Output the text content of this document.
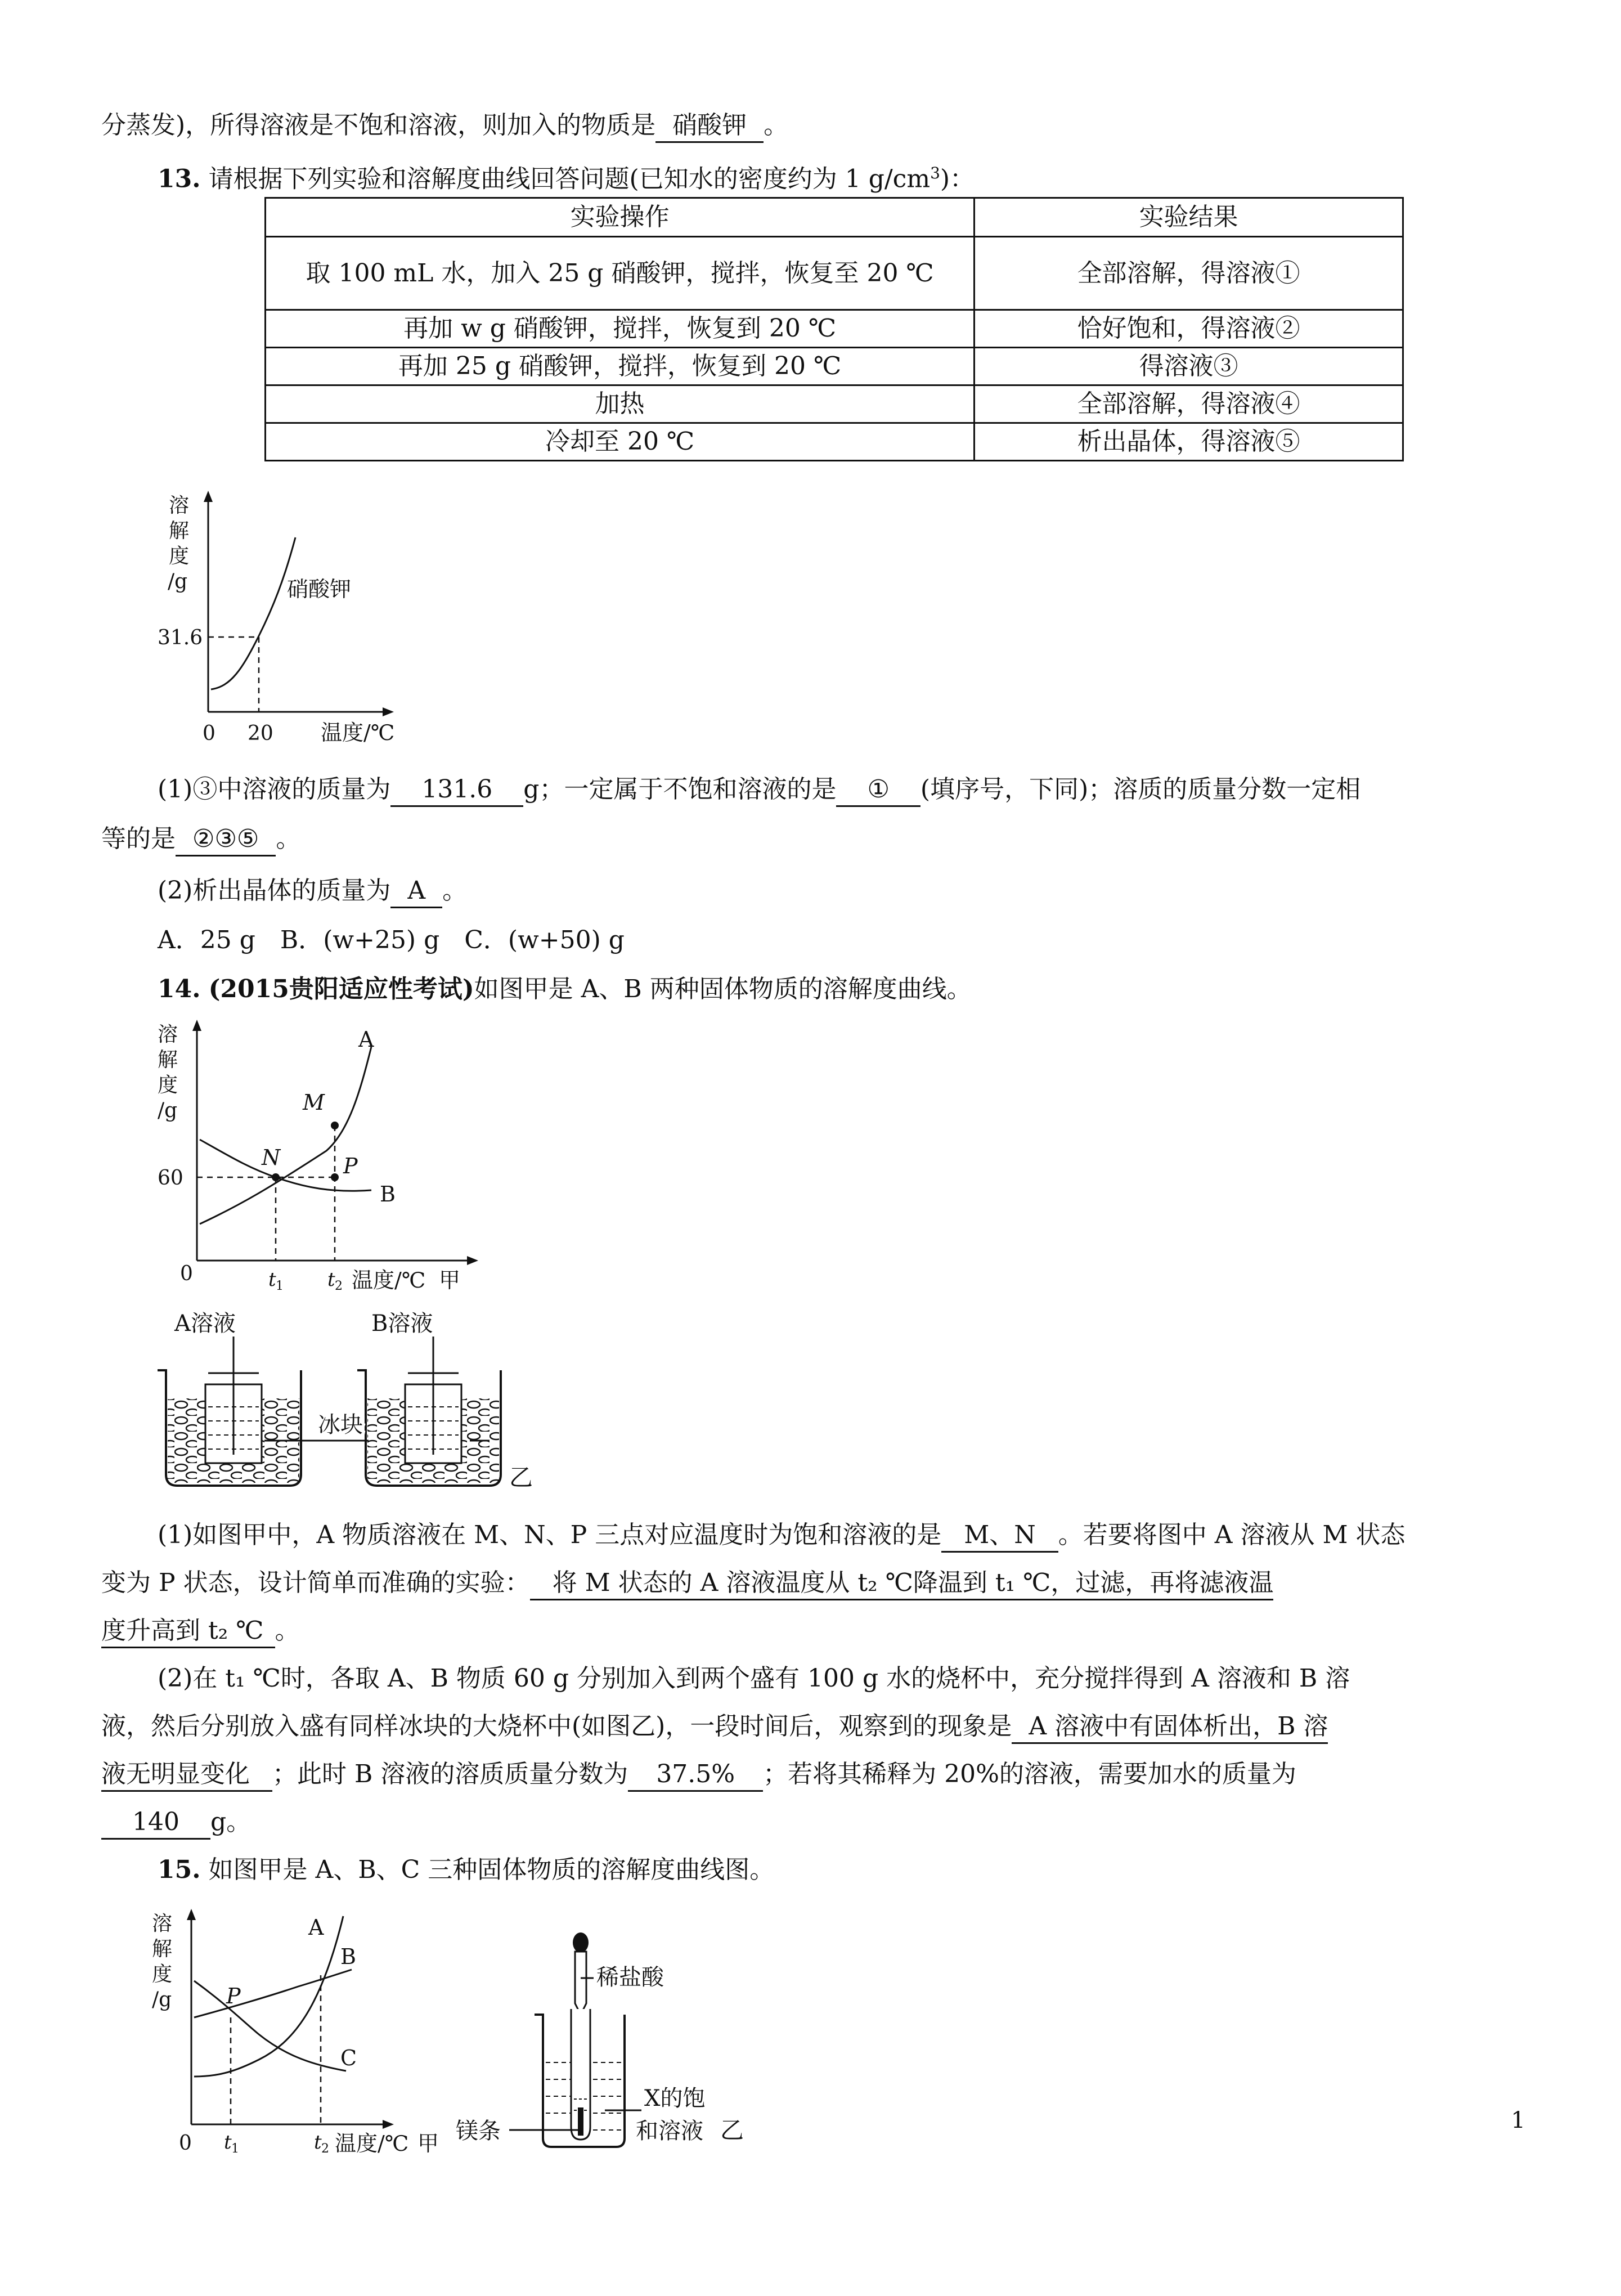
分蒸发)，所得溶液是不饱和溶液，则加入的物质是 硝酸钾 。
13. 请根据下列实验和溶解度曲线回答问题(已知水的密度约为 1 $g/cm^3$)：
实验操作	实验结果
取 100 mL 水，加入 25 g 硝酸钾，搅拌，恢复至 20 ℃	全部溶解，得溶液①
再加 w g 硝酸钾，搅拌，恢复到 20 ℃	恰好饱和，得溶液②
再加 25 g 硝酸钾，搅拌，恢复到 20 ℃	得溶液③
加热	全部溶解，得溶液④
冷却至 20 ℃	析出晶体，得溶液⑤
溶
解
度
/g	硝酸钾
31.6
0 20 温度/℃
(1)③中溶液的质量为 131.6 g；一定属于不饱和溶液的是 ① (填序号，下同)；溶质的质量分数一定相
等的是 ②③⑤ 。
(2)析出晶体的质量为 A 。
A．25 g　B．(w+25) g　C．(w+50) g
14. (2015贵阳适应性考试)如图甲是 A、B 两种固体物质的溶解度曲线。
溶
解
度
/g
A
B
M
N	P
60
0	t 1 t 2 温度/℃ 甲
A溶液	B溶液
冰块
乙
(1)如图甲中，A 物质溶液在 M、N、P 三点对应温度时为饱和溶液的是 M、N 。若要将图中 A 溶液从 M 状态
变为 P 状态，设计简单而准确的实验： 将 M 状态的 A 溶液温度从 t₂ ℃降温到 t₁ ℃，过滤，再将滤液温
度升高到 t₂ ℃ 。
(2)在 t₁ ℃时，各取 A、B 物质 60 g 分别加入到两个盛有 100 g 水的烧杯中，充分搅拌得到 A 溶液和 B 溶
液，然后分别放入盛有同样冰块的大烧杯中(如图乙)，一段时间后，观察到的现象是 A 溶液中有固体析出，B 溶
液无明显变化 ；此时 B 溶液的溶质质量分数为 37.5% ；若将其稀释为 20%的溶液，需要加水的质量为
140 g。
15. 如图甲是 A、B、C 三种固体物质的溶解度曲线图。
溶
解
度
/g
A
B
C
P
0 t 1	t 2 温度/℃ 甲
稀盐酸
镁条
X的饱
和溶液 乙	1
